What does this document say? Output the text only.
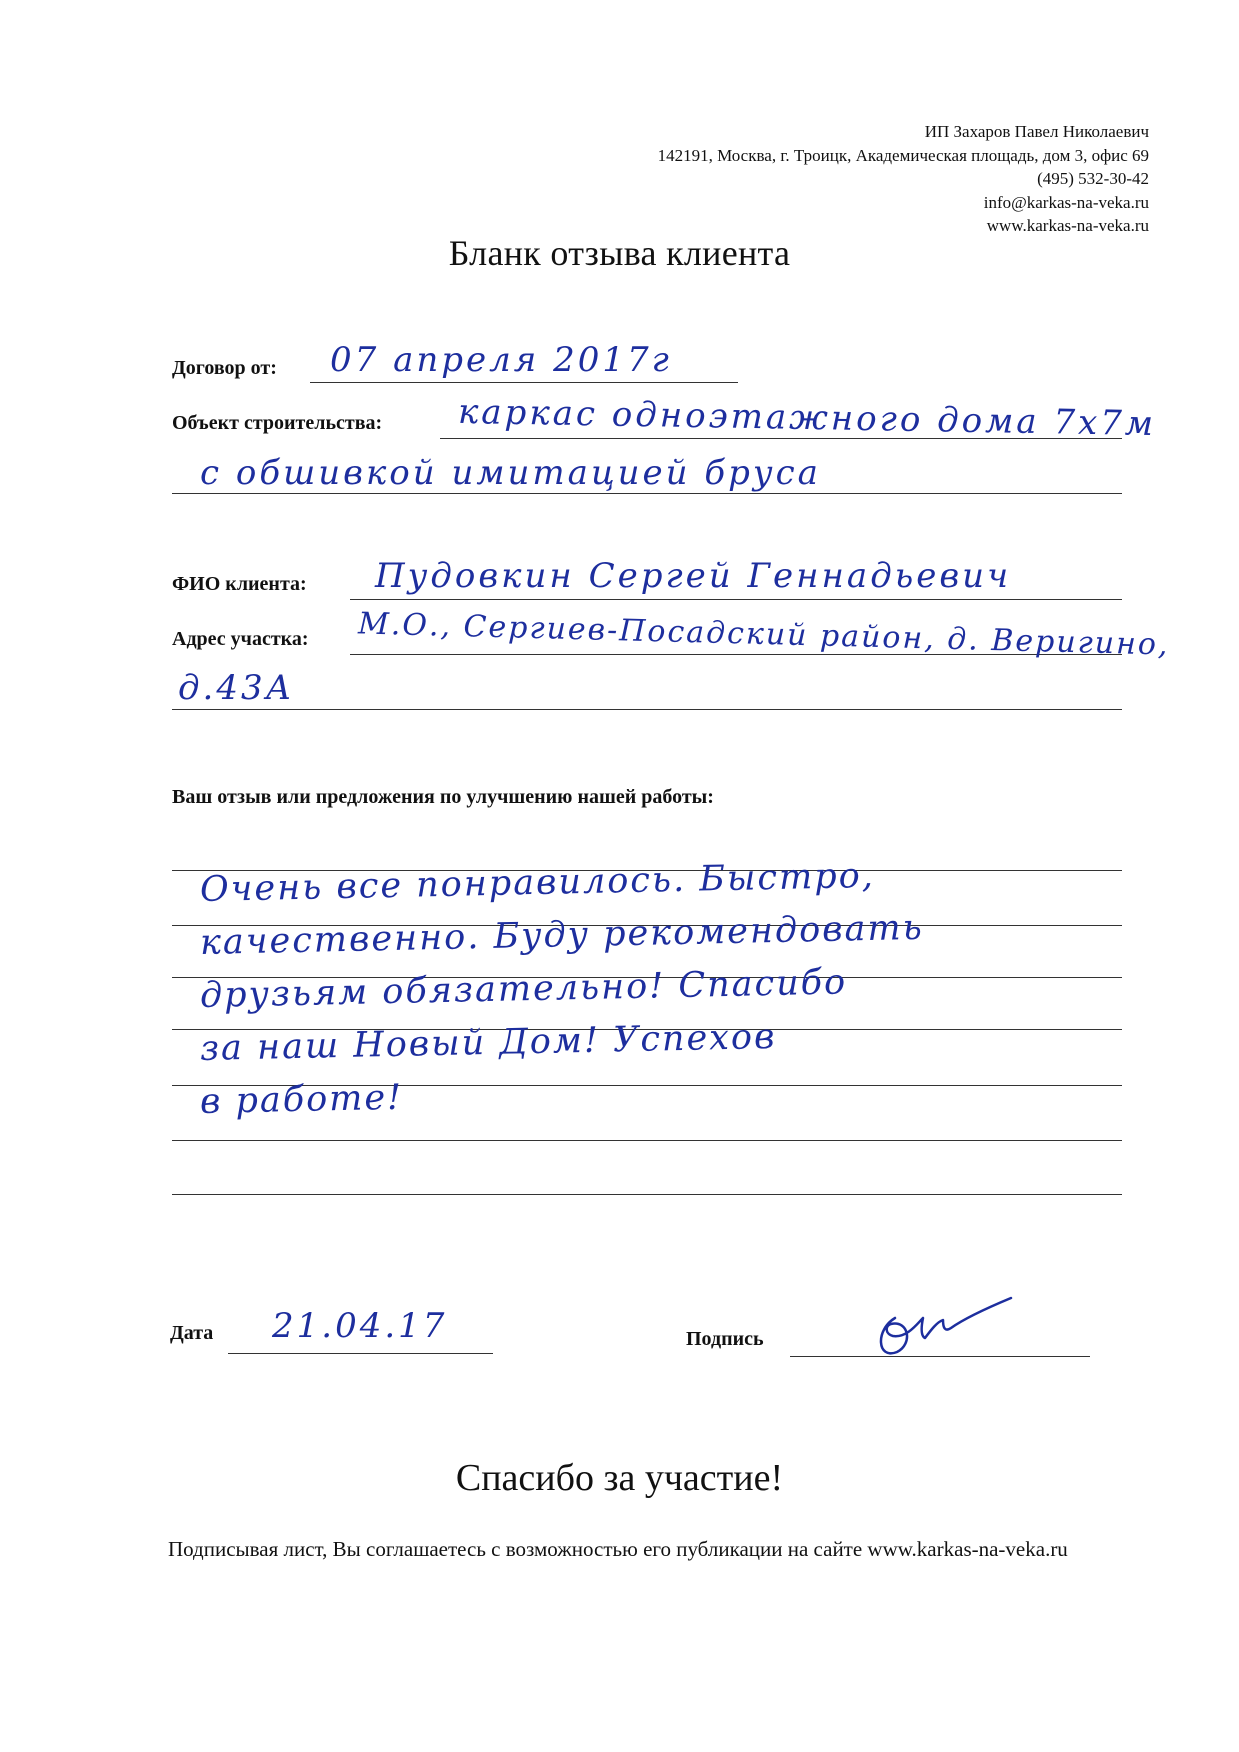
ИП Захаров Павел Николаевич
142191, Москва, г. Троицк, Академическая площадь, дом 3, офис 69
(495) 532-30-42
info@karkas-na-veka.ru
www.karkas-na-veka.ru
Бланк отзыва клиента
Договор от: 07 апреля 2017г
Объект строительства: каркас одноэтажного дома 7х7м
с обшивкой имитацией бруса
ФИО клиента: Пудовкин Сергей Геннадьевич
Адрес участка: М.О., Сергиев-Посадский район, д. Веригино,
д.43А
Ваш отзыв или предложения по улучшению нашей работы:
Очень все понравилось. Быстро,
качественно. Буду рекомендовать
друзьям обязательно! Спасибо
за наш Новый Дом! Успехов
в работе!
Дата 21.04.17	Подпись
Спасибо за участие!
Подписывая лист, Вы соглашаетесь с возможностью его публикации на сайте www.karkas-na-veka.ru
